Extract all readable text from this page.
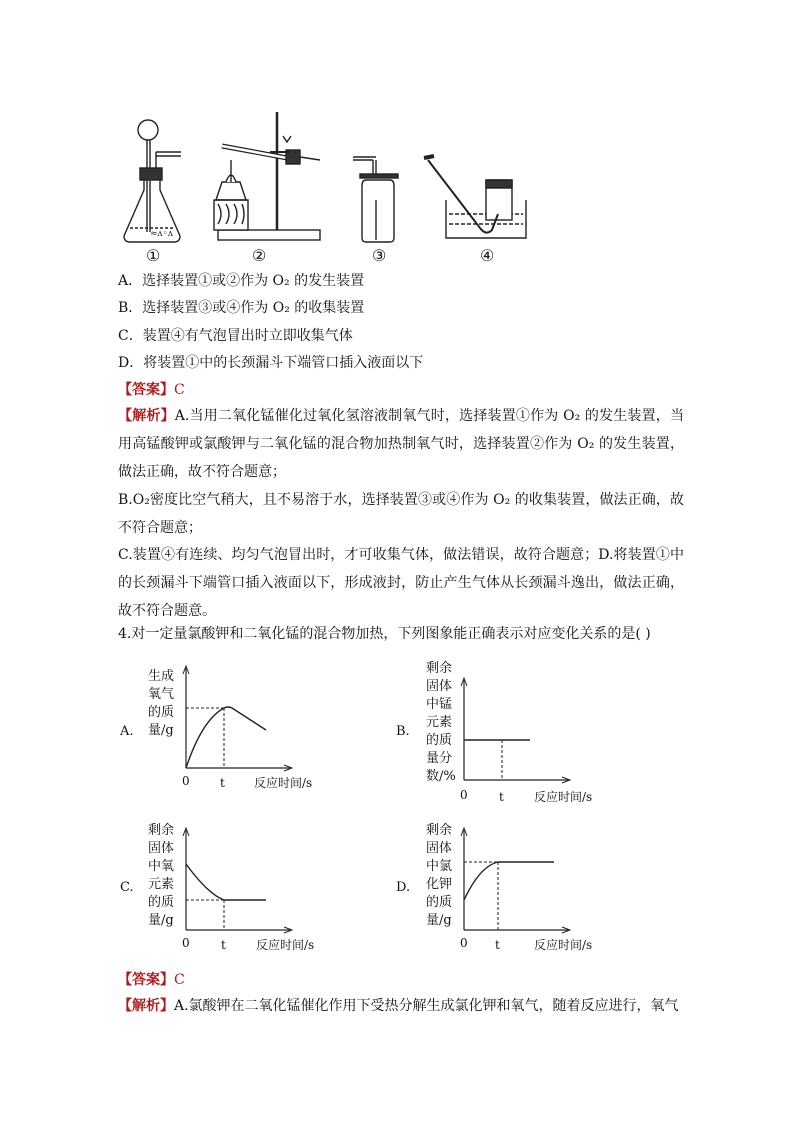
≈ʌ◦ʌ
①	②	③	④
A．选择装置①或②作为 O₂ 的发生装置
B．选择装置③或④作为 O₂ 的收集装置
C．装置④有气泡冒出时立即收集气体
D．将装置①中的长颈漏斗下端管口插入液面以下
【答案】C
【解析】A.当用二氧化锰催化过氧化氢溶液制氧气时，选择装置①作为 O₂ 的发生装置，当用高锰酸钾或氯酸钾与二氧化锰的混合物加热制氧气时，选择装置②作为 O₂ 的发生装置，做法正确，故不符合题意；
B.O₂密度比空气稍大，且不易溶于水，选择装置③或④作为 O₂ 的收集装置，做法正确，故不符合题意；
C.装置④有连续、均匀气泡冒出时，才可收集气体，做法错误，故符合题意；D.将装置①中的长颈漏斗下端管口插入液面以下，形成液封，防止产生气体从长颈漏斗逸出，做法正确，故不符合题意。
4.对一定量氯酸钾和二氧化锰的混合物加热，下列图象能正确表示对应变化关系的是( )
A.
生成氧气的质量/g
0	t 反应时间/s
B.
剩余固体中锰元素的质量分数/%
0	t	反应时间/s
C.
剩余固体中氧元素的质量/g
0	t	反应时间/s
D.
剩余固体中氯化钾的质量/g
0 t	反应时间/s
【答案】C
【解析】A.氯酸钾在二氧化锰催化作用下受热分解生成氯化钾和氧气，随着反应进行，氧气
